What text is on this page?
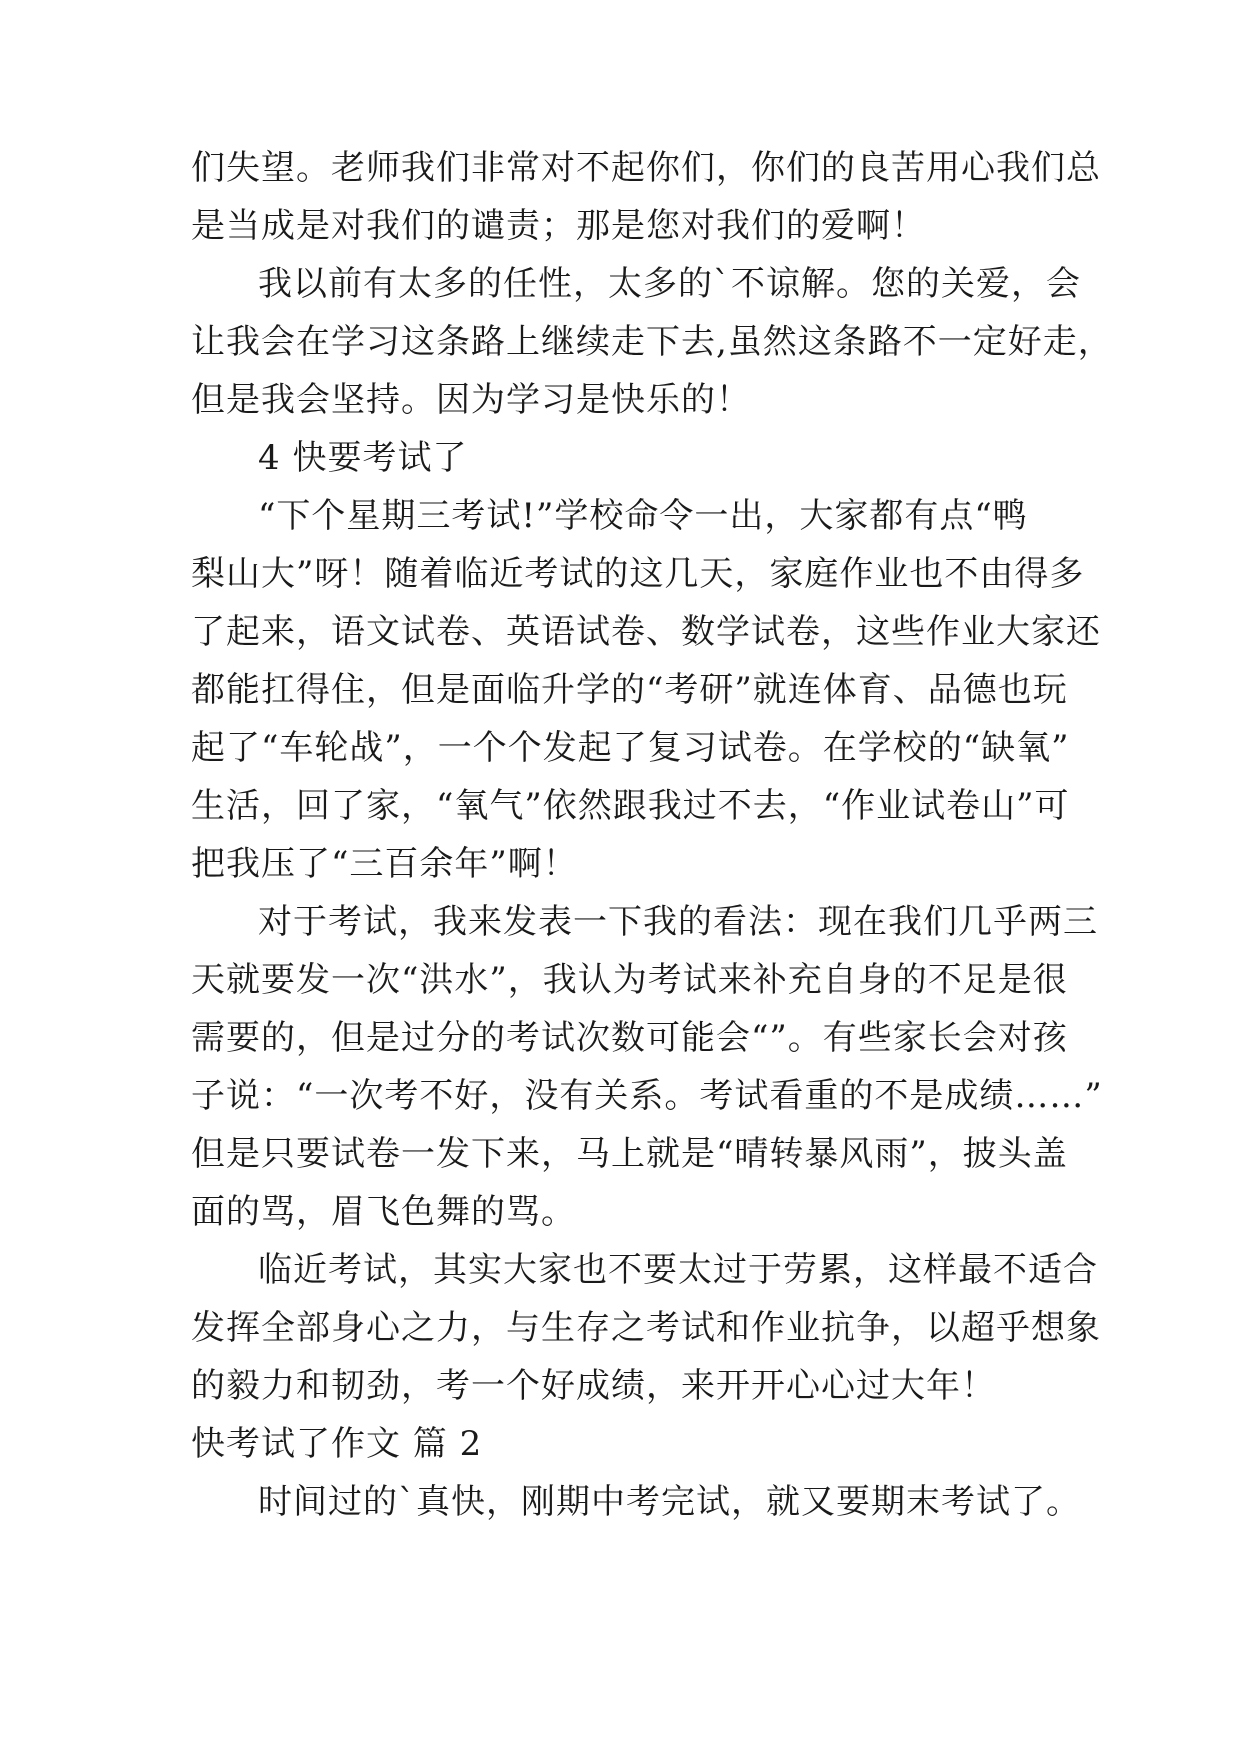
们失望。老师我们非常对不起你们，你们的良苦用心我们总
是当成是对我们的谴责；那是您对我们的爱啊！
我以前有太多的任性，太多的`不谅解。您的关爱，会
让我会在学习这条路上继续走下去,虽然这条路不一定好走，
但是我会坚持。因为学习是快乐的！
4 快要考试了
“下个星期三考试!”学校命令一出，大家都有点“鸭
梨山大”呀！随着临近考试的这几天，家庭作业也不由得多
了起来，语文试卷、英语试卷、数学试卷，这些作业大家还
都能扛得住，但是面临升学的“考研”就连体育、品德也玩
起了“车轮战”，一个个发起了复习试卷。在学校的“缺氧”
生活，回了家，“氧气”依然跟我过不去，“作业试卷山”可
把我压了“三百余年”啊！
对于考试，我来发表一下我的看法：现在我们几乎两三
天就要发一次“洪水”，我认为考试来补充自身的不足是很
需要的，但是过分的考试次数可能会“”。有些家长会对孩
子说：“一次考不好，没有关系。考试看重的不是成绩……”
但是只要试卷一发下来，马上就是“晴转暴风雨”，披头盖
面的骂，眉飞色舞的骂。
临近考试，其实大家也不要太过于劳累，这样最不适合
发挥全部身心之力，与生存之考试和作业抗争，以超乎想象
的毅力和韧劲，考一个好成绩，来开开心心过大年！
快考试了作文 篇 2
时间过的`真快，刚期中考完试，就又要期末考试了。
